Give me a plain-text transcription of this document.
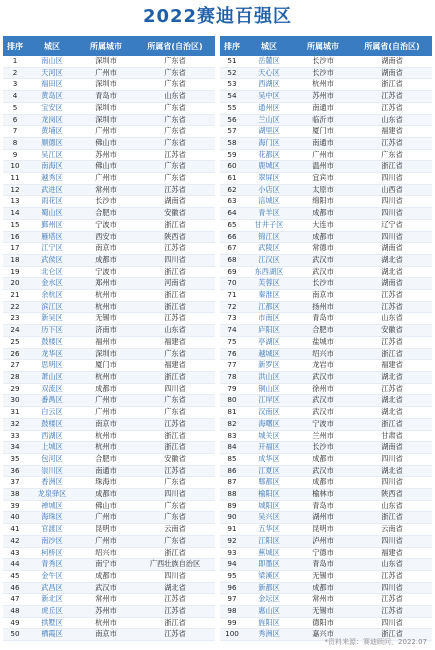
2022赛迪百强区
排序	城区	所属城市	所属省(自治区)
1	南山区	深圳市	广东省
2	天河区	广州市	广东省
3	福田区	深圳市	广东省
4	黄岛区	青岛市	山东省
5	宝安区	深圳市	广东省
6	龙岗区	深圳市	广东省
7	黄埔区	广州市	广东省
8	顺德区	佛山市	广东省
9	吴江区	苏州市	江苏省
10	南海区	佛山市	广东省
11	越秀区	广州市	广东省
12	武进区	常州市	江苏省
13	雨花区	长沙市	湖南省
14	蜀山区	合肥市	安徽省
15	鄞州区	宁波市	浙江省
16	雁塔区	西安市	陕西省
17	江宁区	南京市	江苏省
18	武侯区	成都市	四川省
19	北仑区	宁波市	浙江省
20	金水区	郑州市	河南省
21	余杭区	杭州市	浙江省
22	滨江区	杭州市	浙江省
23	新吴区	无锡市	江苏省
24	历下区	济南市	山东省
25	鼓楼区	福州市	福建省
26	龙华区	深圳市	广东省
27	思明区	厦门市	福建省
28	萧山区	杭州市	浙江省
29	双流区	成都市	四川省
30	番禺区	广州市	广东省
31	白云区	广州市	广东省
32	鼓楼区	南京市	江苏省
33	西湖区	杭州市	浙江省
34	上城区	杭州市	浙江省
35	包河区	合肥市	安徽省
36	崇川区	南通市	江苏省
37	香洲区	珠海市	广东省
38	龙泉驿区	成都市	四川省
39	禅城区	佛山市	广东省
40	海珠区	广州市	广东省
41	官渡区	昆明市	云南省
42	南沙区	广州市	广东省
43	柯桥区	绍兴市	浙江省
44	青秀区	南宁市	广西壮族自治区
45	金牛区	成都市	四川省
46	武昌区	武汉市	湖北省
47	新北区	常州市	江苏省
48	虎丘区	苏州市	江苏省
49	拱墅区	杭州市	浙江省
50	栖霞区	南京市	江苏省
排序	城区	所属城市	所属省(自治区)
51	岳麓区	长沙市	湖南省
52	天心区	长沙市	湖南省
53	西湖区	杭州市	浙江省
54	吴中区	苏州市	江苏省
55	通州区	南通市	江苏省
56	兰山区	临沂市	山东省
57	湖里区	厦门市	福建省
58	海门区	南通市	江苏省
59	花都区	广州市	广东省
60	鹿城区	温州市	浙江省
61	翠屏区	宜宾市	四川省
62	小店区	太原市	山西省
63	涪城区	绵阳市	四川省
64	青羊区	成都市	四川省
65	甘井子区	大连市	辽宁省
66	锦江区	成都市	四川省
67	武陵区	常德市	湖南省
68	江汉区	武汉市	湖北省
69	东西湖区	武汉市	湖北省
70	芙蓉区	长沙市	湖南省
71	秦淮区	南京市	江苏省
72	江都区	扬州市	江苏省
73	市南区	青岛市	山东省
74	庐阳区	合肥市	安徽省
75	亭湖区	盐城市	江苏省
76	越城区	绍兴市	浙江省
77	新罗区	龙岩市	福建省
78	洪山区	武汉市	湖北省
79	铜山区	徐州市	江苏省
80	江岸区	武汉市	湖北省
81	汉南区	武汉市	湖北省
82	海曙区	宁波市	浙江省
83	城关区	兰州市	甘肃省
84	开福区	长沙市	湖南省
85	成华区	成都市	四川省
86	江夏区	武汉市	湖北省
87	郫都区	成都市	四川省
88	榆阳区	榆林市	陕西省
89	城阳区	青岛市	山东省
90	吴兴区	湖州市	浙江省
91	五华区	昆明市	云南省
92	江阳区	泸州市	四川省
93	蕉城区	宁德市	福建省
94	即墨区	青岛市	山东省
95	梁溪区	无锡市	江苏省
96	新都区	成都市	四川省
97	金坛区	常州市	江苏省
98	惠山区	无锡市	江苏省
99	旌阳区	德阳市	四川省
100	秀洲区	嘉兴市	浙江省
*资料来源：赛迪顾问，2022.07
